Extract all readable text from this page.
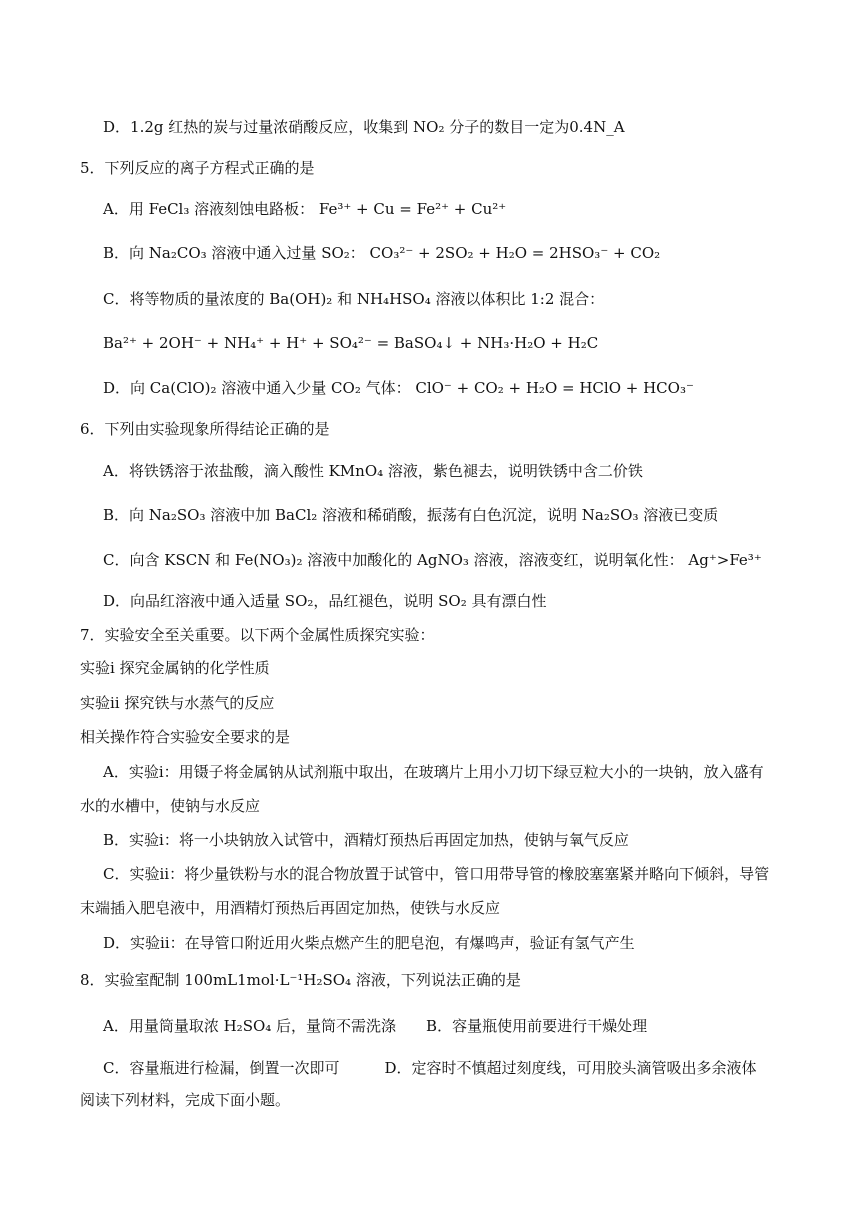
D．1.2g 红热的炭与过量浓硝酸反应，收集到 NO₂ 分子的数目一定为0.4N_A
5．下列反应的离子方程式正确的是
A．用 FeCl₃ 溶液刻蚀电路板： Fe³⁺ + Cu = Fe²⁺ + Cu²⁺
B．向 Na₂CO₃ 溶液中通入过量 SO₂： CO₃²⁻ + 2SO₂ + H₂O = 2HSO₃⁻ + CO₂
C．将等物质的量浓度的 Ba(OH)₂ 和 NH₄HSO₄ 溶液以体积比 1:2 混合：
Ba²⁺ + 2OH⁻ + NH₄⁺ + H⁺ + SO₄²⁻ = BaSO₄↓ + NH₃·H₂O + H₂C
D．向 Ca(ClO)₂ 溶液中通入少量 CO₂ 气体： ClO⁻ + CO₂ + H₂O = HClO + HCO₃⁻
6．下列由实验现象所得结论正确的是
A．将铁锈溶于浓盐酸，滴入酸性 KMnO₄ 溶液，紫色褪去，说明铁锈中含二价铁
B．向 Na₂SO₃ 溶液中加 BaCl₂ 溶液和稀硝酸，振荡有白色沉淀，说明 Na₂SO₃ 溶液已变质
C．向含 KSCN 和 Fe(NO₃)₂ 溶液中加酸化的 AgNO₃ 溶液，溶液变红，说明氧化性： Ag⁺>Fe³⁺
D．向品红溶液中通入适量 SO₂，品红褪色，说明 SO₂ 具有漂白性
7．实验安全至关重要。以下两个金属性质探究实验：
实验ⅰ 探究金属钠的化学性质
实验ⅱ 探究铁与水蒸气的反应
相关操作符合实验安全要求的是
A．实验ⅰ：用镊子将金属钠从试剂瓶中取出，在玻璃片上用小刀切下绿豆粒大小的一块钠，放入盛有
水的水槽中，使钠与水反应
B．实验ⅰ：将一小块钠放入试管中，酒精灯预热后再固定加热，使钠与氧气反应
C．实验ⅱ：将少量铁粉与水的混合物放置于试管中，管口用带导管的橡胶塞塞紧并略向下倾斜，导管
末端插入肥皂液中，用酒精灯预热后再固定加热，使铁与水反应
D．实验ⅱ：在导管口附近用火柴点燃产生的肥皂泡，有爆鸣声，验证有氢气产生
8．实验室配制 100mL1mol·L⁻¹H₂SO₄ 溶液，下列说法正确的是
A．用量筒量取浓 H₂SO₄ 后，量筒不需洗涤　　B．容量瓶使用前要进行干燥处理
C．容量瓶进行检漏，倒置一次即可　　　D．定容时不慎超过刻度线，可用胶头滴管吸出多余液体
阅读下列材料，完成下面小题。
